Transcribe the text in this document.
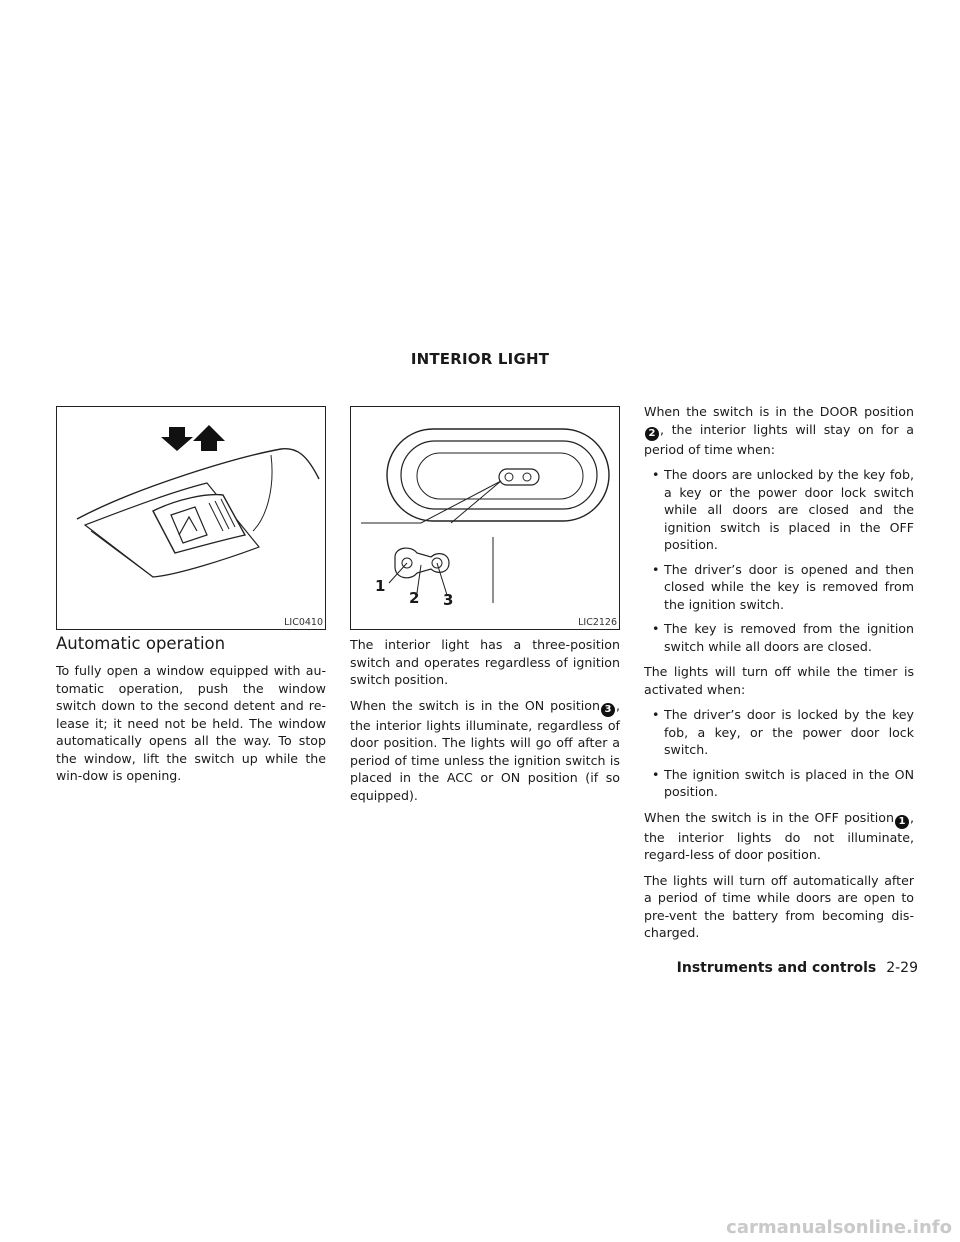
INTERIOR LIGHT
LIC0410
1
2 3
LIC2126
Automatic operation

To fully open a window equipped with au-tomatic operation, push the window switch down to the second detent and re-lease it; it need not be held. The window automatically opens all the way. To stop the window, lift the switch up while the win-dow is opening.

The interior light has a three-position switch and operates regardless of ignition switch position.

When the switch is in the ON position 3 , the interior lights illuminate, regardless of door position. The lights will go off after a period of time unless the ignition switch is placed in the ACC or ON position (if so equipped).

When the switch is in the DOOR position2 , the interior lights will stay on for a period of time when:

• The doors are unlocked by the key fob, a key or the power door lock switch while all doors are closed and the ignition switch is placed in the OFF position.
• The driver’s door is opened and then closed while the key is removed from the ignition switch.
• The key is removed from the ignition switch while all doors are closed.

The lights will turn off while the timer is activated when:

• The driver’s door is locked by the key fob, a key, or the power door lock switch.
• The ignition switch is placed in the ON position.

When the switch is in the OFF position 1 , the interior lights do not illuminate, regard-less of door position.

The lights will turn off automatically after a period of time while doors are open to pre-vent the battery from becoming dis-charged.

Instruments and controls 2-29
carmanualsonline.info
